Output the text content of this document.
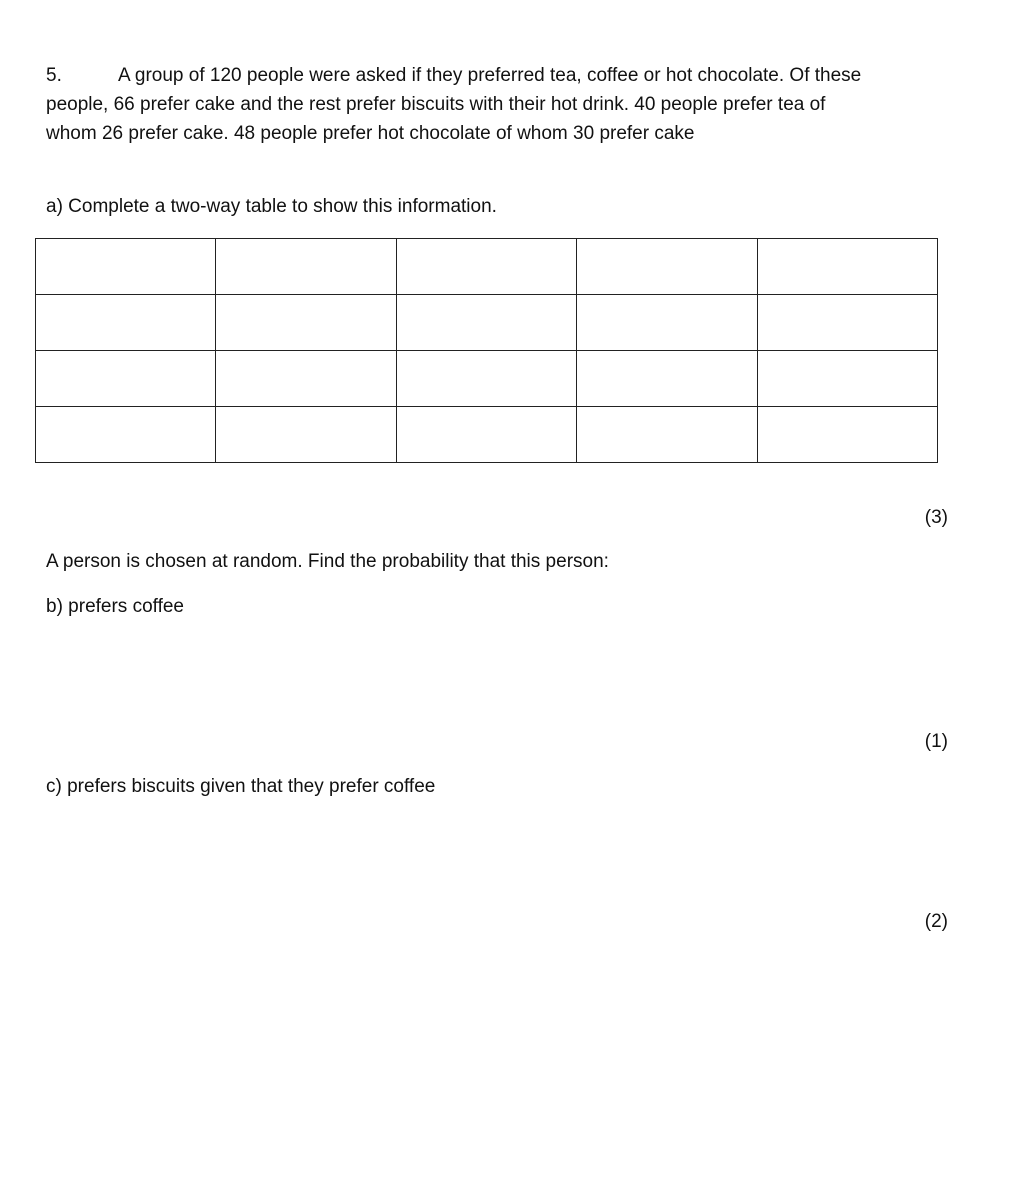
5.	A group of 120 people were asked if they preferred tea, coffee or hot chocolate. Of these
people, 66 prefer cake and the rest prefer biscuits with their hot drink. 40 people prefer tea of
whom 26 prefer cake. 48 people prefer hot chocolate of whom 30 prefer cake
a) Complete a two-way table to show this information.

(3)
A person is chosen at random. Find the probability that this person:
b) prefers coffee
(1)
c) prefers biscuits given that they prefer coffee
(2)
